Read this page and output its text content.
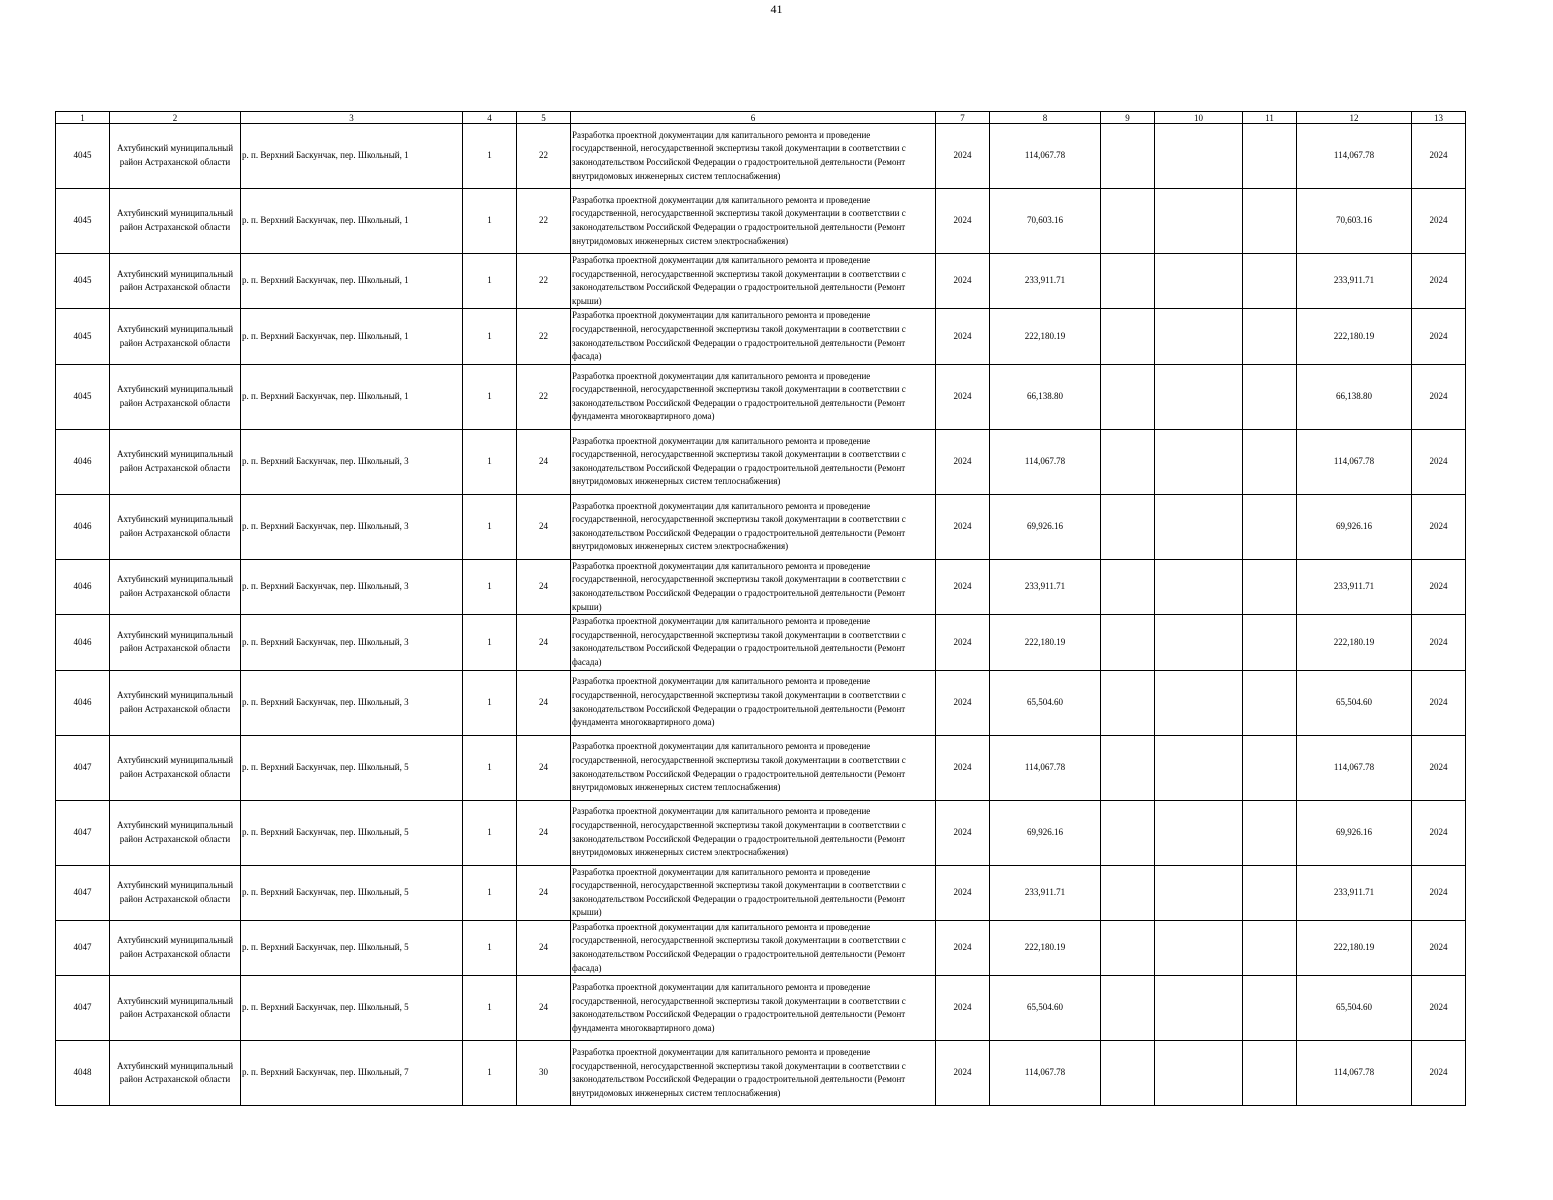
41
1	2	3	4	5	6	7	8	9	10	11	12	13
4045	Ахтубинский муниципальный район Астраханской области	р. п. Верхний Баскунчак, пер. Школьный, 1	1	22	Разработка проектной документации для капитального ремонта и проведение государственной, негосударственной экспертизы такой документации в соответствии с законодательством Российской Федерации о градостроительной деятельности (Ремонт внутридомовых инженерных систем теплоснабжения)	2024	114,067.78				114,067.78	2024
4045	Ахтубинский муниципальный район Астраханской области	р. п. Верхний Баскунчак, пер. Школьный, 1	1	22	Разработка проектной документации для капитального ремонта и проведение государственной, негосударственной экспертизы такой документации в соответствии с законодательством Российской Федерации о градостроительной деятельности (Ремонт внутридомовых инженерных систем электроснабжения)	2024	70,603.16				70,603.16	2024
4045	Ахтубинский муниципальный район Астраханской области	р. п. Верхний Баскунчак, пер. Школьный, 1	1	22	Разработка проектной документации для капитального ремонта и проведение государственной, негосударственной экспертизы такой документации в соответствии с законодательством Российской Федерации о градостроительной деятельности (Ремонт крыши)	2024	233,911.71				233,911.71	2024
4045	Ахтубинский муниципальный район Астраханской области	р. п. Верхний Баскунчак, пер. Школьный, 1	1	22	Разработка проектной документации для капитального ремонта и проведение государственной, негосударственной экспертизы такой документации в соответствии с законодательством Российской Федерации о градостроительной деятельности (Ремонт фасада)	2024	222,180.19				222,180.19	2024
4045	Ахтубинский муниципальный район Астраханской области	р. п. Верхний Баскунчак, пер. Школьный, 1	1	22	Разработка проектной документации для капитального ремонта и проведение государственной, негосударственной экспертизы такой документации в соответствии с законодательством Российской Федерации о градостроительной деятельности (Ремонт фундамента многоквартирного дома)	2024	66,138.80				66,138.80	2024
4046	Ахтубинский муниципальный район Астраханской области	р. п. Верхний Баскунчак, пер. Школьный, 3	1	24	Разработка проектной документации для капитального ремонта и проведение государственной, негосударственной экспертизы такой документации в соответствии с законодательством Российской Федерации о градостроительной деятельности (Ремонт внутридомовых инженерных систем теплоснабжения)	2024	114,067.78				114,067.78	2024
4046	Ахтубинский муниципальный район Астраханской области	р. п. Верхний Баскунчак, пер. Школьный, 3	1	24	Разработка проектной документации для капитального ремонта и проведение государственной, негосударственной экспертизы такой документации в соответствии с законодательством Российской Федерации о градостроительной деятельности (Ремонт внутридомовых инженерных систем электроснабжения)	2024	69,926.16				69,926.16	2024
4046	Ахтубинский муниципальный район Астраханской области	р. п. Верхний Баскунчак, пер. Школьный, 3	1	24	Разработка проектной документации для капитального ремонта и проведение государственной, негосударственной экспертизы такой документации в соответствии с законодательством Российской Федерации о градостроительной деятельности (Ремонт крыши)	2024	233,911.71				233,911.71	2024
4046	Ахтубинский муниципальный район Астраханской области	р. п. Верхний Баскунчак, пер. Школьный, 3	1	24	Разработка проектной документации для капитального ремонта и проведение государственной, негосударственной экспертизы такой документации в соответствии с законодательством Российской Федерации о градостроительной деятельности (Ремонт фасада)	2024	222,180.19				222,180.19	2024
4046	Ахтубинский муниципальный район Астраханской области	р. п. Верхний Баскунчак, пер. Школьный, 3	1	24	Разработка проектной документации для капитального ремонта и проведение государственной, негосударственной экспертизы такой документации в соответствии с законодательством Российской Федерации о градостроительной деятельности (Ремонт фундамента многоквартирного дома)	2024	65,504.60				65,504.60	2024
4047	Ахтубинский муниципальный район Астраханской области	р. п. Верхний Баскунчак, пер. Школьный, 5	1	24	Разработка проектной документации для капитального ремонта и проведение государственной, негосударственной экспертизы такой документации в соответствии с законодательством Российской Федерации о градостроительной деятельности (Ремонт внутридомовых инженерных систем теплоснабжения)	2024	114,067.78				114,067.78	2024
4047	Ахтубинский муниципальный район Астраханской области	р. п. Верхний Баскунчак, пер. Школьный, 5	1	24	Разработка проектной документации для капитального ремонта и проведение государственной, негосударственной экспертизы такой документации в соответствии с законодательством Российской Федерации о градостроительной деятельности (Ремонт внутридомовых инженерных систем электроснабжения)	2024	69,926.16				69,926.16	2024
4047	Ахтубинский муниципальный район Астраханской области	р. п. Верхний Баскунчак, пер. Школьный, 5	1	24	Разработка проектной документации для капитального ремонта и проведение государственной, негосударственной экспертизы такой документации в соответствии с законодательством Российской Федерации о градостроительной деятельности (Ремонт крыши)	2024	233,911.71				233,911.71	2024
4047	Ахтубинский муниципальный район Астраханской области	р. п. Верхний Баскунчак, пер. Школьный, 5	1	24	Разработка проектной документации для капитального ремонта и проведение государственной, негосударственной экспертизы такой документации в соответствии с законодательством Российской Федерации о градостроительной деятельности (Ремонт фасада)	2024	222,180.19				222,180.19	2024
4047	Ахтубинский муниципальный район Астраханской области	р. п. Верхний Баскунчак, пер. Школьный, 5	1	24	Разработка проектной документации для капитального ремонта и проведение государственной, негосударственной экспертизы такой документации в соответствии с законодательством Российской Федерации о градостроительной деятельности (Ремонт фундамента многоквартирного дома)	2024	65,504.60				65,504.60	2024
4048	Ахтубинский муниципальный район Астраханской области	р. п. Верхний Баскунчак, пер. Школьный, 7	1	30	Разработка проектной документации для капитального ремонта и проведение государственной, негосударственной экспертизы такой документации в соответствии с законодательством Российской Федерации о градостроительной деятельности (Ремонт внутридомовых инженерных систем теплоснабжения)	2024	114,067.78				114,067.78	2024
